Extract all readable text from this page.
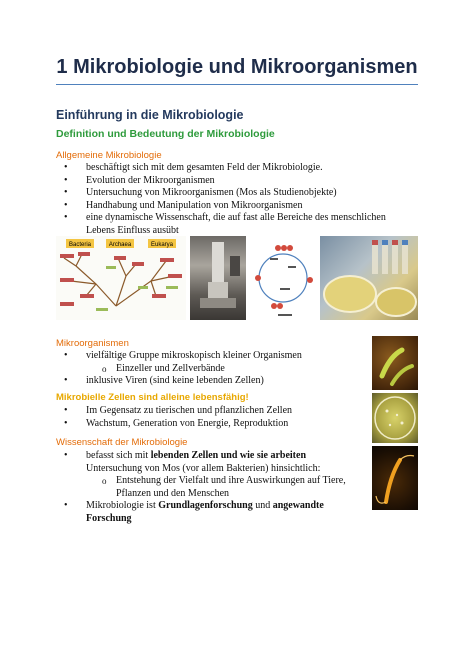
1 Mikrobiologie und Mikroorganismen
Einführung in die Mikrobiologie
Definition und Bedeutung der Mikrobiologie
Allgemeine Mikrobiologie
• beschäftigt sich mit dem gesamten Feld der Mikrobiologie.
• Evolution der Mikroorganismen
• Untersuchung von Mikroorganismen (Mos als Studienobjekte)
• Handhabung und Manipulation von Mikroorganismen
• eine dynamische Wissenschaft, die auf fast alle Bereiche des menschlichen
Lebens Einfluss ausübt
Bacteria	Archaea	Eukarya
Mikroorganismen
• vielfältige Gruppe mikroskopisch kleiner Organismen
o Einzeller und Zellverbände
• inklusive Viren (sind keine lebenden Zellen)
Mikrobielle Zellen sind alleine lebensfähig!
• Im Gegensatz zu tierischen und pflanzlichen Zellen
• Wachstum, Generation von Energie, Reproduktion
Wissenschaft der Mikrobiologie
• befasst sich mit lebenden Zellen und wie sie arbeiten
Untersuchung von Mos (vor allem Bakterien) hinsichtlich:
o Entstehung der Vielfalt und ihre Auswirkungen auf Tiere,
Pflanzen und den Menschen
• Mikrobiologie ist Grundlagenforschung und angewandte
Forschung
